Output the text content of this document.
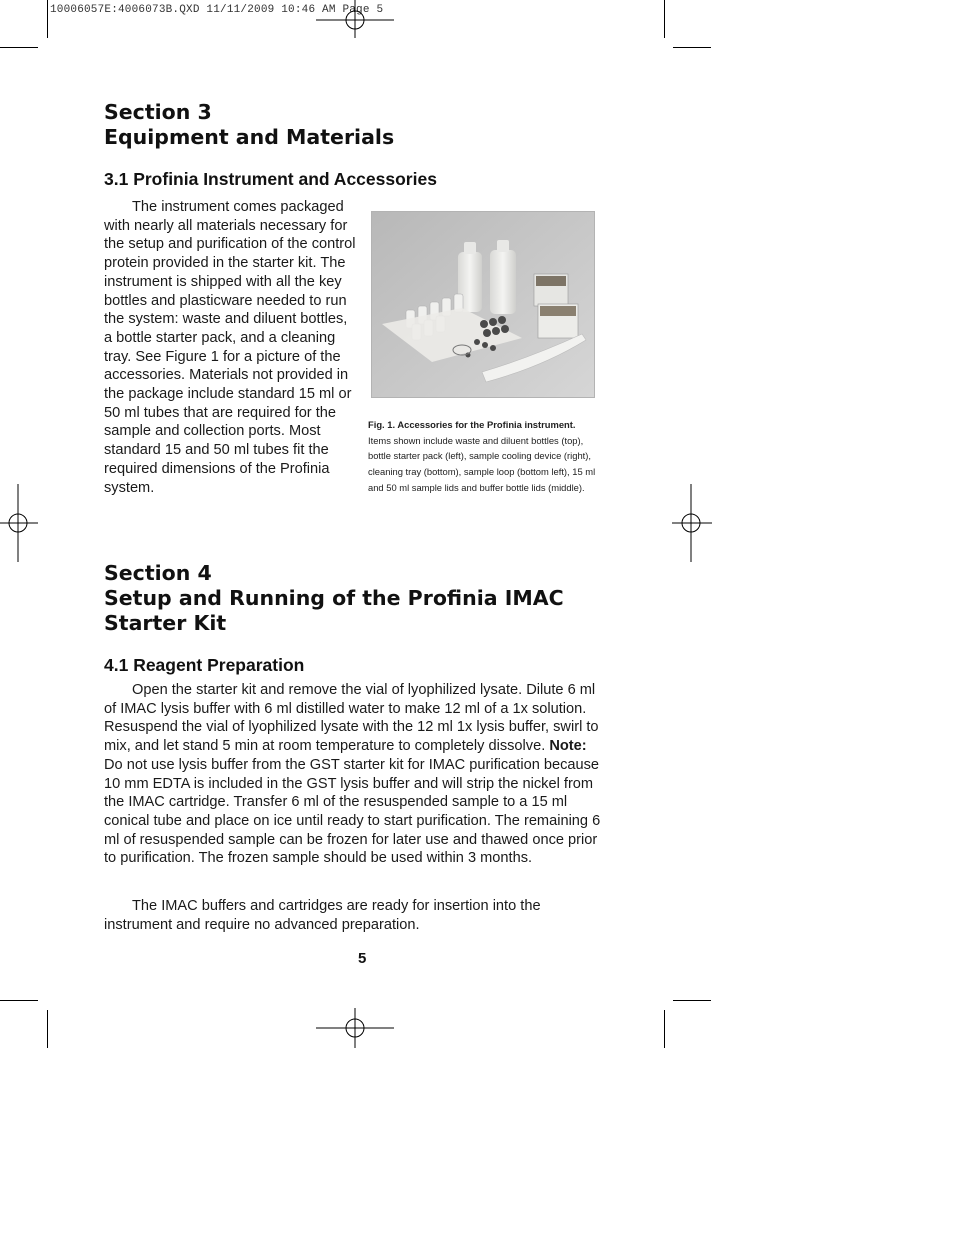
10006057E:4006073B.QXD 11/11/2009 10:46 AM Page 5
Section 3
Equipment and Materials
3.1 Profinia Instrument and Accessories

The instrument comes packaged with nearly all materials necessary for the setup and purification of the control protein provided in the starter kit. The instrument is shipped with all the key bottles and plasticware needed to run the system: waste and diluent bottles, a bottle starter pack, and a cleaning tray. See Figure 1 for a picture of the accessories. Materials not provided in the package include standard 15 ml or 50 ml tubes that are required for the sample and collection ports. Most standard 15 and 50 ml tubes fit the required dimensions of the Profinia system.

Fig. 1. Accessories for the Profinia instrument.
Items shown include waste and diluent bottles (top), bottle starter pack (left), sample cooling device (right), cleaning tray (bottom), sample loop (bottom left), 15 ml and 50 ml sample lids and buffer bottle lids (middle).
Section 4
Setup and Running of the Profinia IMAC
Starter Kit
4.1 Reagent Preparation

Open the starter kit and remove the vial of lyophilized lysate. Dilute 6 ml of IMAC lysis buffer with 6 ml distilled water to make 12 ml of a 1x solution. Resuspend the vial of lyophilized lysate with the 12 ml 1x lysis buffer, swirl to mix, and let stand 5 min at room temperature to completely dissolve. Note: Do not use lysis buffer from the GST starter kit for IMAC purification because 10 mm EDTA is included in the GST lysis buffer and will strip the nickel from the IMAC cartridge. Transfer 6 ml of the resuspended sample to a 15 ml conical tube and place on ice until ready to start purification. The remaining 6 ml of resuspended sample can be frozen for later use and thawed once prior to purification. The frozen sample should be used within 3 months.

The IMAC buffers and cartridges are ready for insertion into the instrument and require no advanced preparation.

5
